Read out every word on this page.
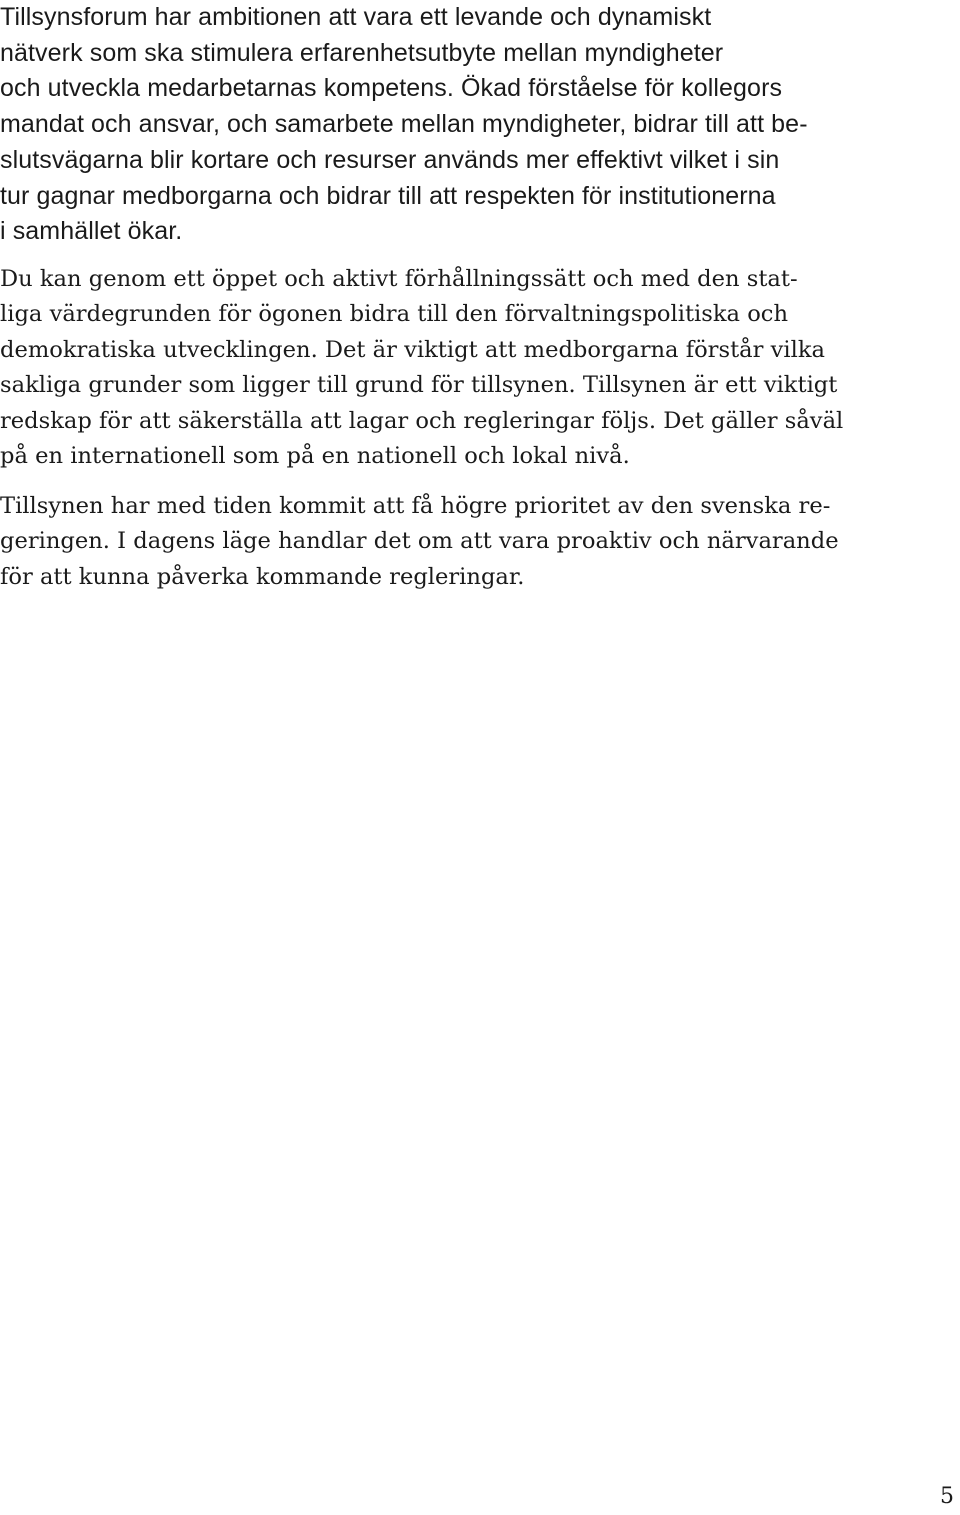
Tillsynsforum har ambitionen att vara ett levande och dynamiskt
nätverk som ska stimulera erfarenhetsutbyte mellan myndigheter
och utveckla medarbetarnas kompetens. Ökad förståelse för kollegors
mandat och ansvar, och samarbete mellan myndigheter, bidrar till att be-
slutsvägarna blir kortare och resurser används mer effektivt vilket i sin
tur gagnar medborgarna och bidrar till att respekten för institutionerna
i samhället ökar.

Du kan genom ett öppet och aktivt förhållningssätt och med den stat-
liga värdegrunden för ögonen bidra till den förvaltningspolitiska och
demokratiska utvecklingen. Det är viktigt att medborgarna förstår vilka
sakliga grunder som ligger till grund för tillsynen. Tillsynen är ett viktigt
redskap för att säkerställa att lagar och regleringar följs. Det gäller såväl
på en internationell som på en nationell och lokal nivå.

Tillsynen har med tiden kommit att få högre prioritet av den svenska re-
geringen. I dagens läge handlar det om att vara proaktiv och närvarande
för att kunna påverka kommande regleringar.

5
